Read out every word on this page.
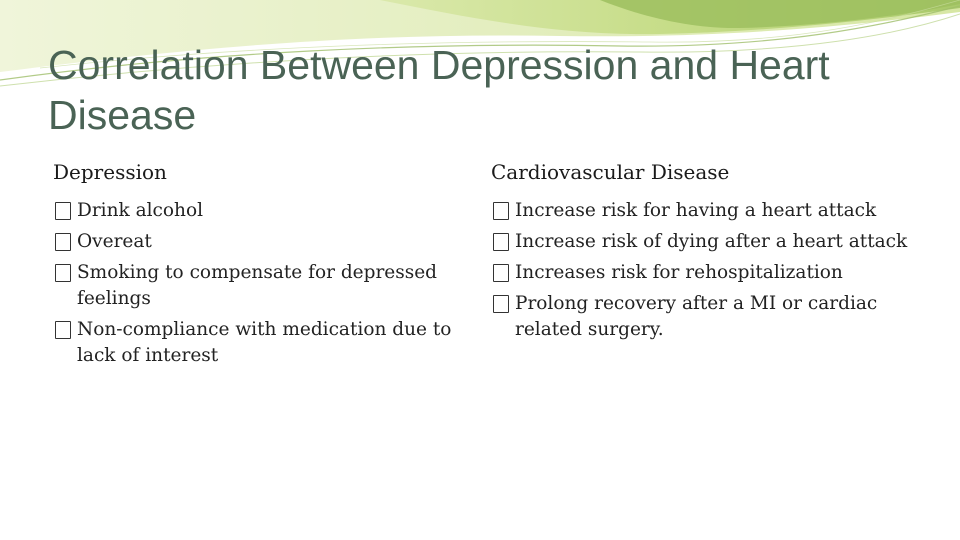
Correlation Between Depression and Heart Disease
Depression
Drink alcohol
Overeat
Smoking to compensate for depressed feelings
Non-compliance with medication due to lack of interest
Cardiovascular Disease
Increase risk for having a heart attack
Increase risk of dying after a heart attack
Increases risk for rehospitalization
Prolong recovery after a MI or cardiac related surgery.
